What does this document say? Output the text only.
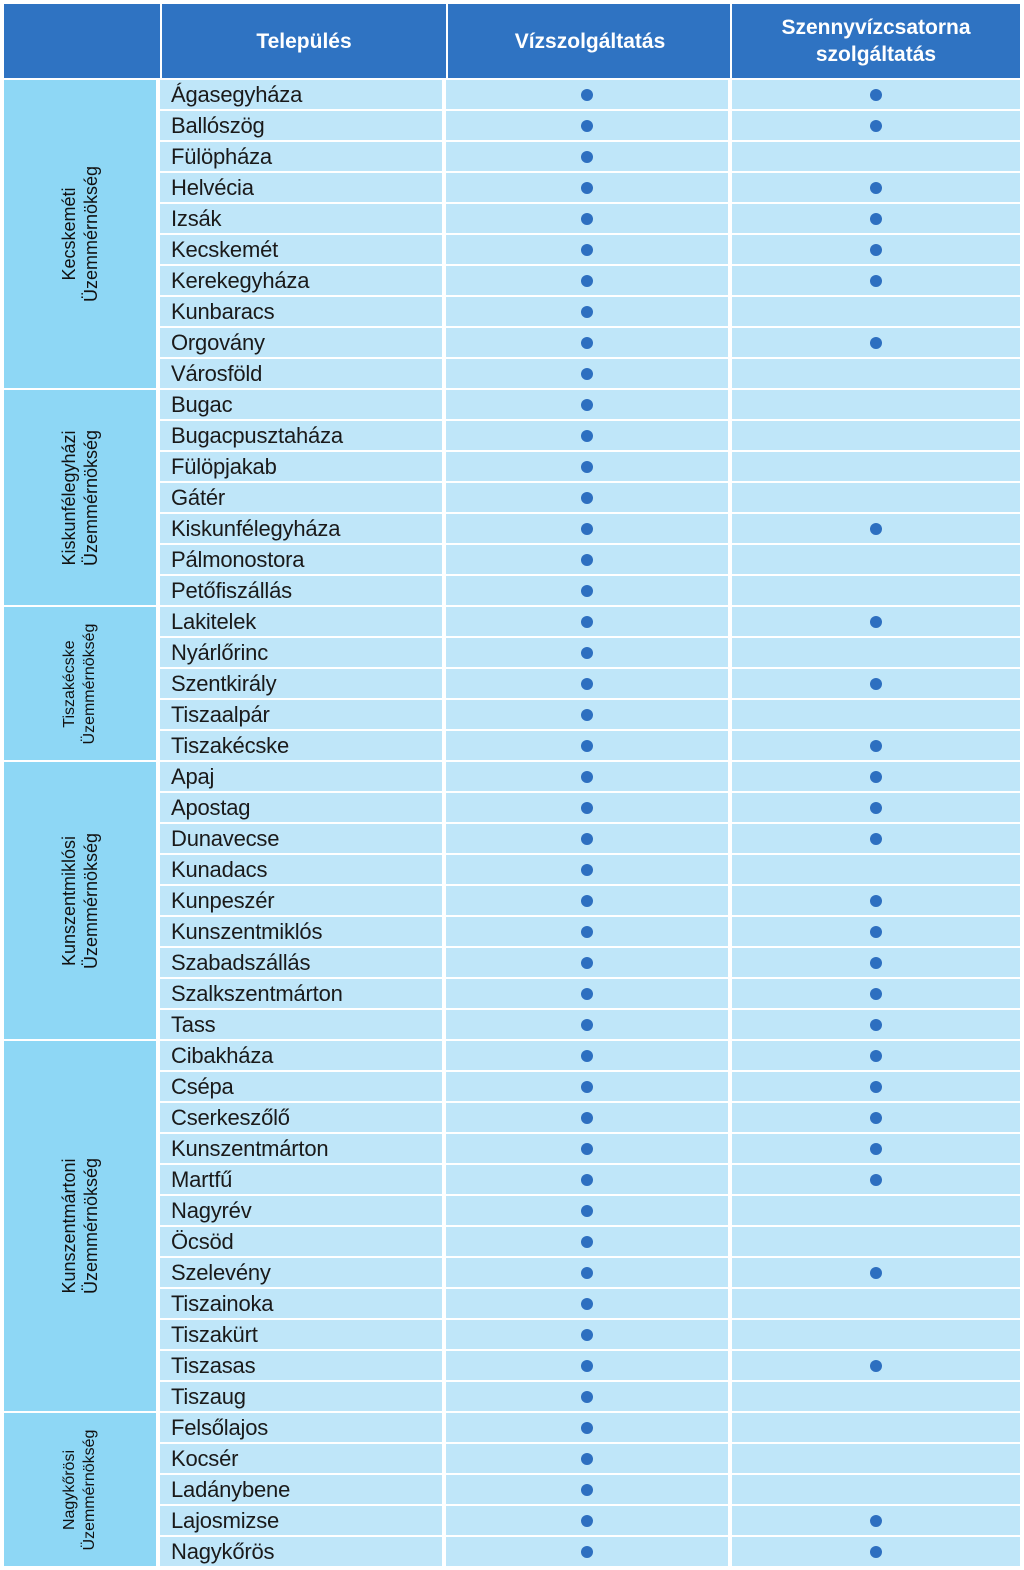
Település	Vízszolgáltatás
Szennyvízcsatorna
szolgáltatás
Kecskeméti Üzemmérnökség
Ágasegyháza
Ballószög
Fülöpháza
Helvécia
Izsák
Kecskemét
Kerekegyháza
Kunbaracs
Orgovány
Városföld
Kiskunfélegyházi
Üzemmérnökség
Bugac
Bugacpusztaháza
Fülöpjakab
Gátér
Kiskunfélegyháza
Pálmonostora
Petőfiszállás
Tiszakécske
Üzemmérnökség
Lakitelek
Nyárlőrinc
Szentkirály
Tiszaalpár
Tiszakécske
Kunszentmiklósi
Üzemmérnökség
Apaj
Apostag
Dunavecse
Kunadacs
Kunpeszér
Kunszentmiklós
Szabadszállás
Szalkszentmárton
Tass
Kunszentmártoni Üzemmérnökség
Cibakháza
Csépa
Cserkeszőlő
Kunszentmárton
Martfű
Nagyrév
Öcsöd
Szelevény
Tiszainoka
Tiszakürt
Tiszasas
Tiszaug
Nagykőrösi
Üzemmérnökség
Felsőlajos
Kocsér
Ladánybene
Lajosmizse
Nagykőrös
